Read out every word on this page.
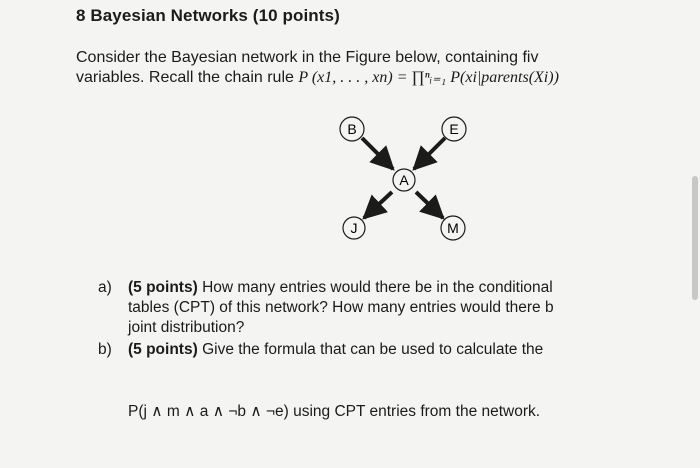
8 Bayesian Networks (10 points)
Consider the Bayesian network in the Figure below, containing fiv
variables. Recall the chain rule P (x1, . . . , xn) = ∏ⁿᵢ₌₁ P(xi|parents(Xi))
B	E
A
J	M
a) (5 points) How many entries would there be in the conditional
tables (CPT) of this network? How many entries would there b
joint distribution?
b) (5 points) Give the formula that can be used to calculate the
P(j ∧ m ∧ a ∧ ¬b ∧ ¬e) using CPT entries from the network.
